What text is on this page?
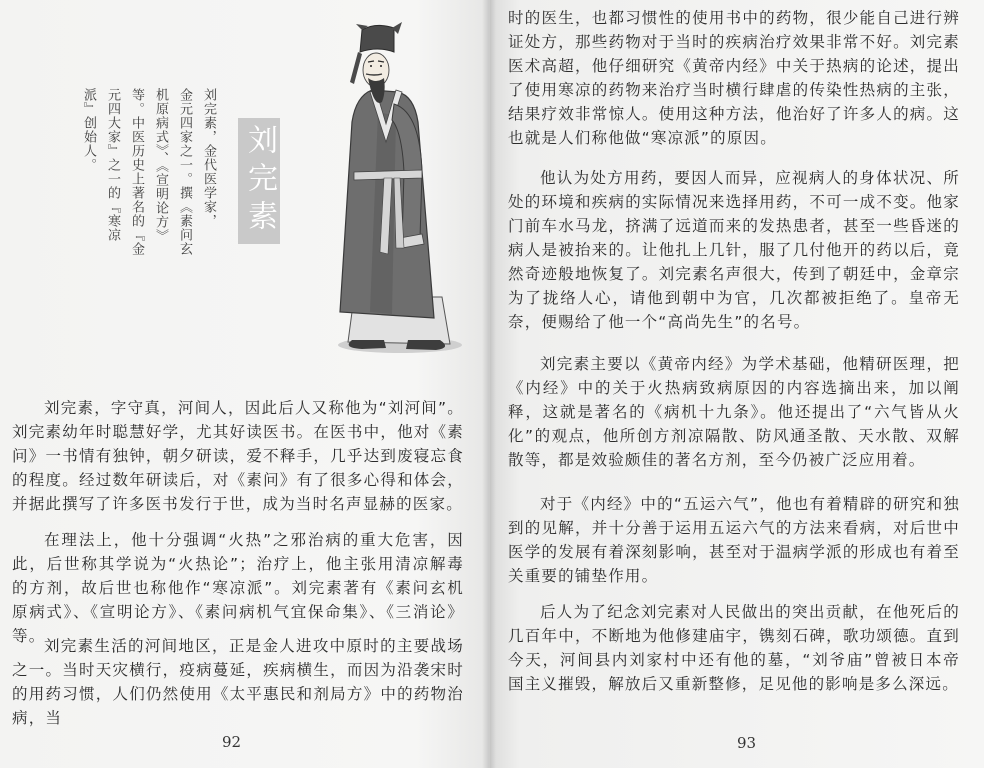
刘完素，金代医学家，
金元四家之一。撰《素问玄
机原病式》、《宣明论方》
等。中医历史上著名的『金
元四大家』之一的『寒凉
派』创始人。	刘完素

刘完素，字守真，河间人，因此后人又称他为“刘河间”。刘完素幼年时聪慧好学，尤其好读医书。在医书中，他对《素问》一书情有独钟，朝夕研读，爱不释手，几乎达到废寝忘食的程度。经过数年研读后，对《素问》有了很多心得和体会，并据此撰写了许多医书发行于世，成为当时名声显赫的医家。

在理法上，他十分强调“火热”之邪治病的重大危害，因此，后世称其学说为“火热论”；治疗上，他主张用清凉解毒的方剂，故后世也称他作“寒凉派”。刘完素著有《素问玄机原病式》、《宣明论方》、《素问病机气宜保命集》、《三消论》等。

刘完素生活的河间地区，正是金人进攻中原时的主要战场之一。当时天灾横行，疫病蔓延，疾病横生，而因为沿袭宋时的用药习惯，人们仍然使用《太平惠民和剂局方》中的药物治病，当

92

时的医生，也都习惯性的使用书中的药物，很少能自己进行辨证处方，那些药物对于当时的疾病治疗效果非常不好。刘完素医术高超，他仔细研究《黄帝内经》中关于热病的论述，提出了使用寒凉的药物来治疗当时横行肆虐的传染性热病的主张，结果疗效非常惊人。使用这种方法，他治好了许多人的病。这也就是人们称他做“寒凉派”的原因。

他认为处方用药，要因人而异，应视病人的身体状况、所处的环境和疾病的实际情况来选择用药，不可一成不变。他家门前车水马龙，挤满了远道而来的发热患者，甚至一些昏迷的病人是被抬来的。让他扎上几针，服了几付他开的药以后，竟然奇迹般地恢复了。刘完素名声很大，传到了朝廷中，金章宗为了拢络人心，请他到朝中为官，几次都被拒绝了。皇帝无奈，便赐给了他一个“高尚先生”的名号。

刘完素主要以《黄帝内经》为学术基础，他精研医理，把《内经》中的关于火热病致病原因的内容选摘出来，加以阐释，这就是著名的《病机十九条》。他还提出了“六气皆从火化”的观点，他所创方剂凉隔散、防风通圣散、天水散、双解散等，都是效验颇佳的著名方剂，至今仍被广泛应用着。

对于《内经》中的“五运六气”，他也有着精辟的研究和独到的见解，并十分善于运用五运六气的方法来看病，对后世中医学的发展有着深刻影响，甚至对于温病学派的形成也有着至关重要的铺垫作用。

后人为了纪念刘完素对人民做出的突出贡献，在他死后的几百年中，不断地为他修建庙宇，镌刻石碑，歌功颂德。直到今天，河间县内刘家村中还有他的墓，“刘爷庙”曾被日本帝国主义摧毁，解放后又重新整修，足见他的影响是多么深远。

93
